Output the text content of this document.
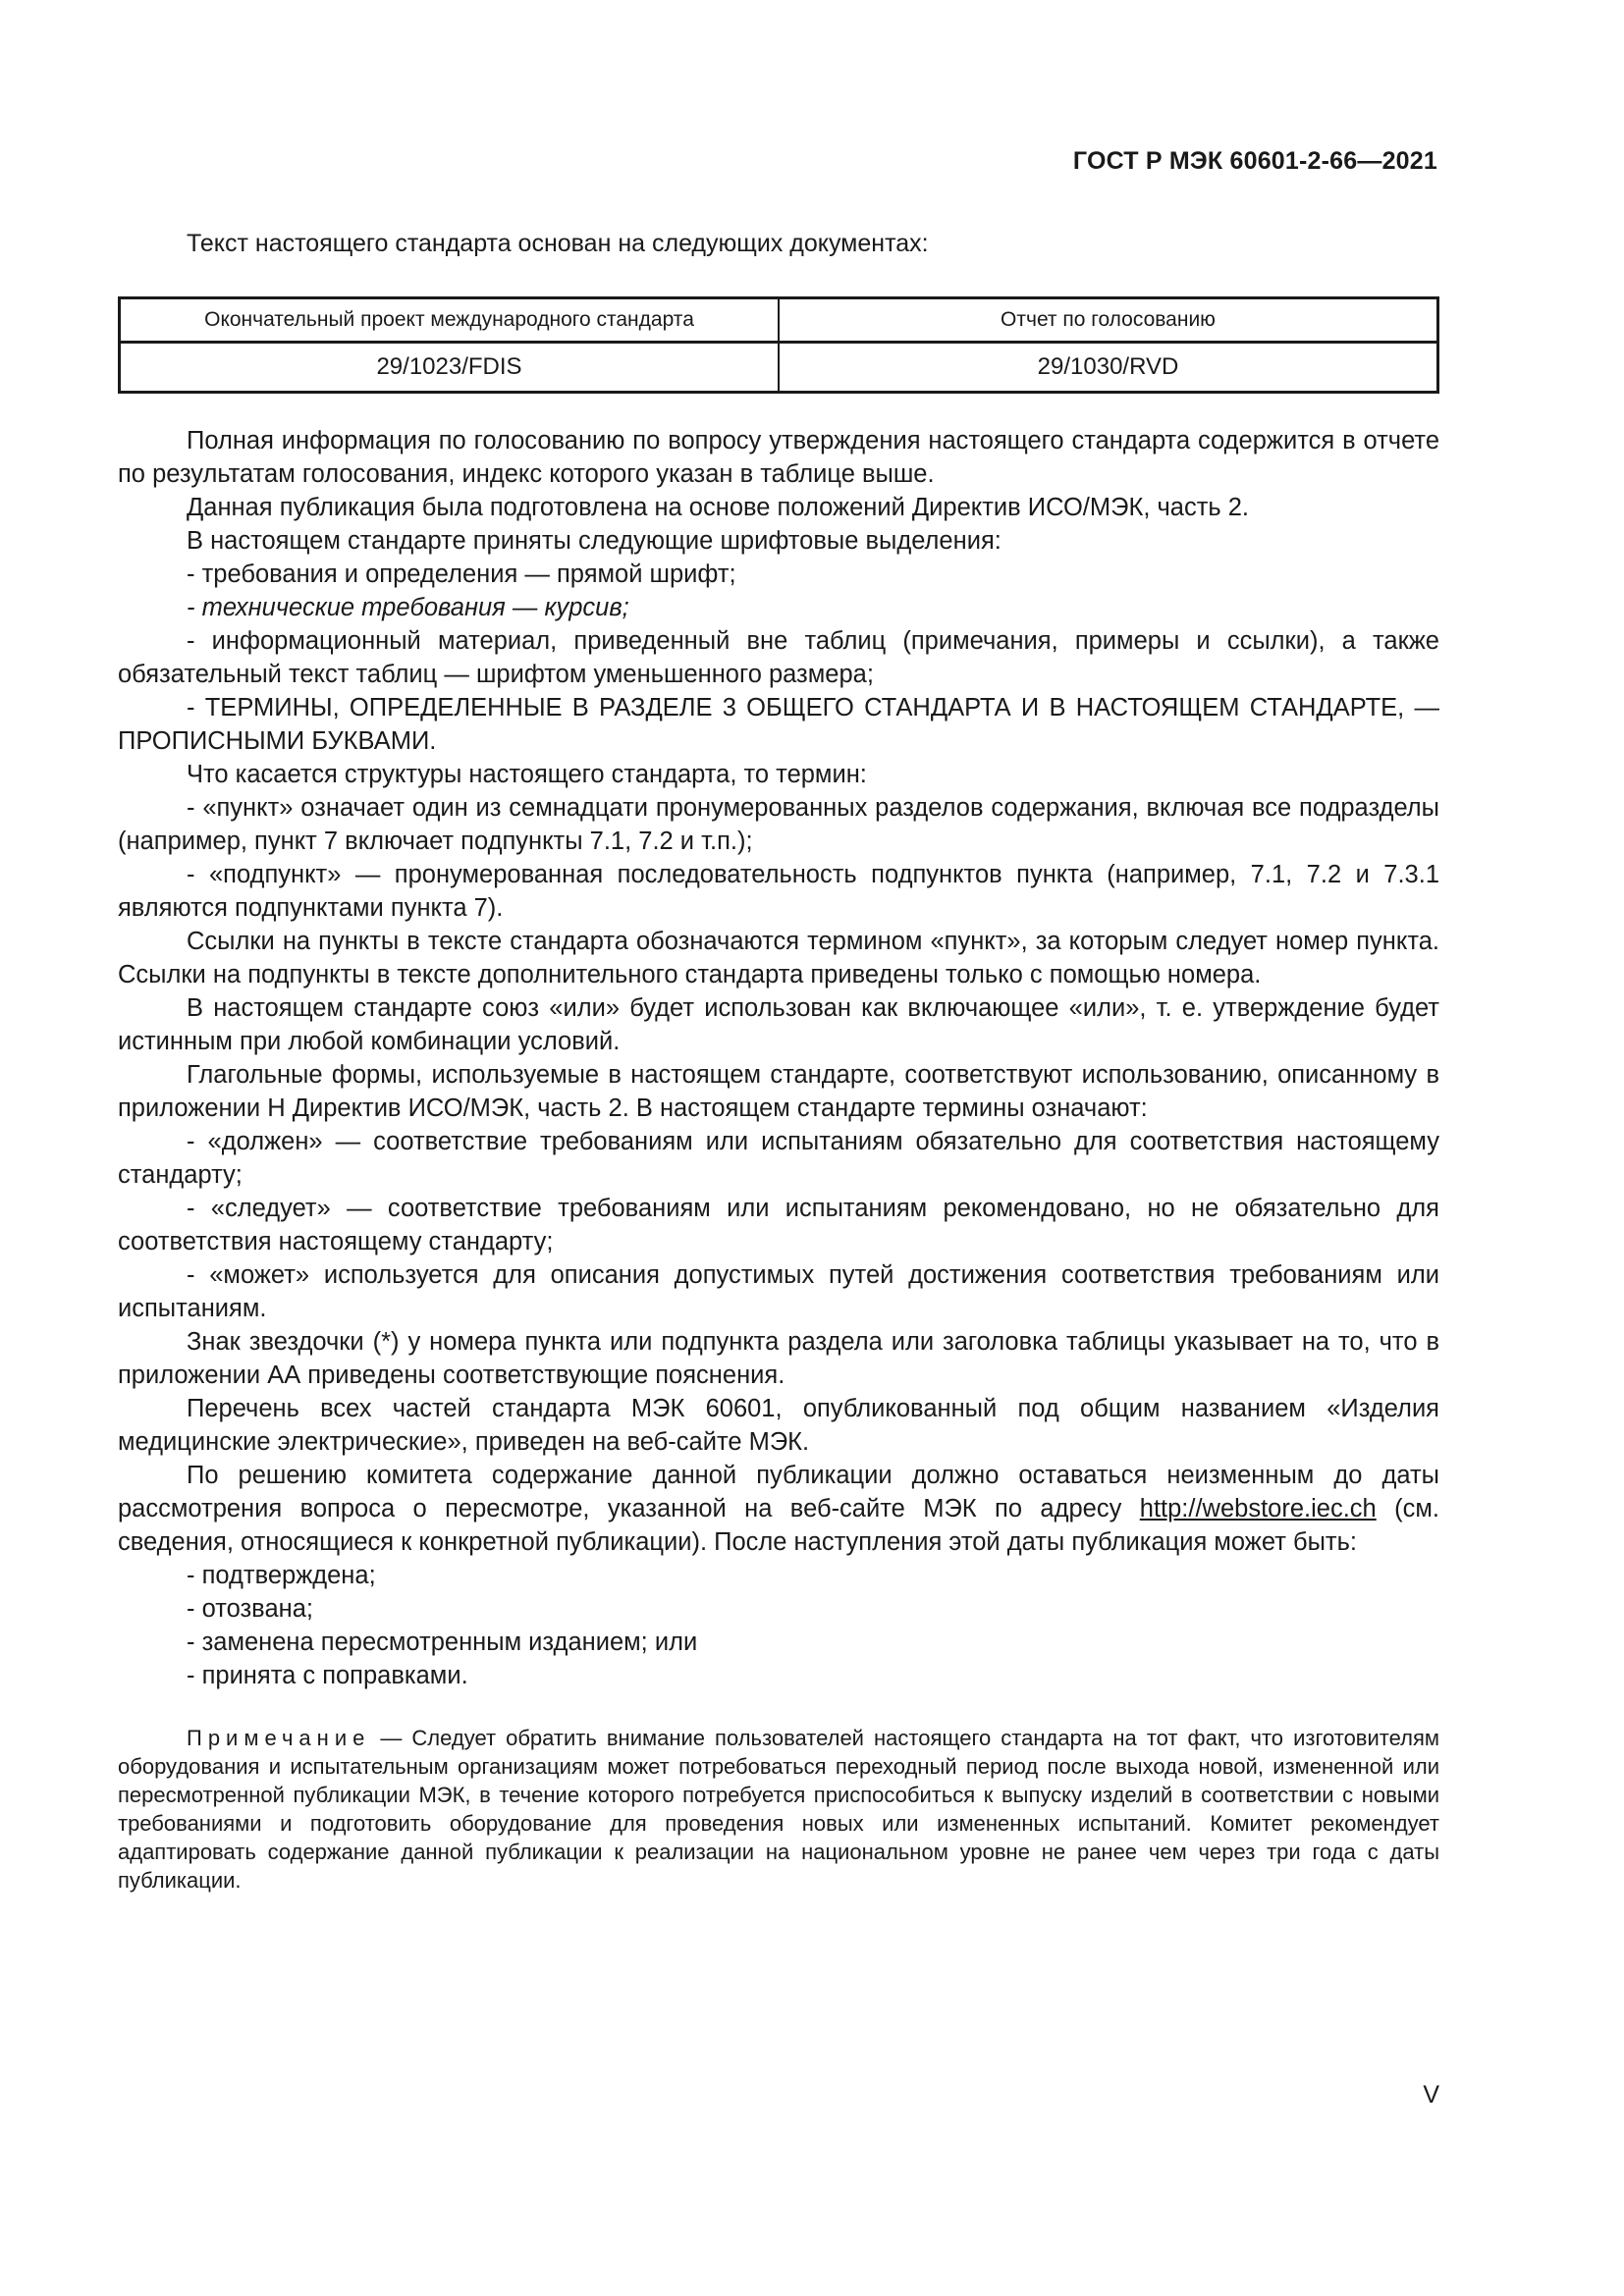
ГОСТ Р МЭК 60601-2-66—2021
Текст настоящего стандарта основан на следующих документах:
Окончательный проект международного стандарта	Отчет по голосованию
29/1023/FDIS	29/1030/RVD

Полная информация по голосованию по вопросу утверждения настоящего стандарта содержится в отчете по результатам голосования, индекс которого указан в таблице выше.

Данная публикация была подготовлена на основе положений Директив ИСО/МЭК, часть 2.

В настоящем стандарте приняты следующие шрифтовые выделения:

- требования и определения — прямой шрифт;

- технические требования — курсив;

- информационный материал, приведенный вне таблиц (примечания, примеры и ссылки), а также обязательный текст таблиц — шрифтом уменьшенного размера;

- ТЕРМИНЫ, ОПРЕДЕЛЕННЫЕ В РАЗДЕЛЕ 3 ОБЩЕГО СТАНДАРТА И В НАСТОЯЩЕМ СТАНДАРТЕ, — ПРОПИСНЫМИ БУКВАМИ.

Что касается структуры настоящего стандарта, то термин:

- «пункт» означает один из семнадцати пронумерованных разделов содержания, включая все подразделы (например, пункт 7 включает подпункты 7.1, 7.2 и т.п.);

- «подпункт» — пронумерованная последовательность подпунктов пункта (например, 7.1, 7.2 и 7.3.1 являются подпунктами пункта 7).

Ссылки на пункты в тексте стандарта обозначаются термином «пункт», за которым следует номер пункта. Ссылки на подпункты в тексте дополнительного стандарта приведены только с помощью номера.

В настоящем стандарте союз «или» будет использован как включающее «или», т. е. утверждение будет истинным при любой комбинации условий.

Глагольные формы, используемые в настоящем стандарте, соответствуют использованию, описанному в приложении Н Директив ИСО/МЭК, часть 2. В настоящем стандарте термины означают:

- «должен» — соответствие требованиям или испытаниям обязательно для соответствия настоящему стандарту;

- «следует» — соответствие требованиям или испытаниям рекомендовано, но не обязательно для соответствия настоящему стандарту;

- «может» используется для описания допустимых путей достижения соответствия требованиям или испытаниям.

Знак звездочки (*) у номера пункта или подпункта раздела или заголовка таблицы указывает на то, что в приложении АА приведены соответствующие пояснения.

Перечень всех частей стандарта МЭК 60601, опубликованный под общим названием «Изделия медицинские электрические», приведен на веб-сайте МЭК.

По решению комитета содержание данной публикации должно оставаться неизменным до даты рассмотрения вопроса о пересмотре, указанной на веб-сайте МЭК по адресу http://webstore.iec.ch (см. сведения, относящиеся к конкретной публикации). После наступления этой даты публикация может быть:

- подтверждена;

- отозвана;

- заменена пересмотренным изданием; или

- принята с поправками.

Примечание — Следует обратить внимание пользователей настоящего стандарта на тот факт, что изготовителям оборудования и испытательным организациям может потребоваться переходный период после выхода новой, измененной или пересмотренной публикации МЭК, в течение которого потребуется приспособиться к выпуску изделий в соответствии с новыми требованиями и подготовить оборудование для проведения новых или измененных испытаний. Комитет рекомендует адаптировать содержание данной публикации к реализации на национальном уровне не ранее чем через три года с даты публикации.

V
